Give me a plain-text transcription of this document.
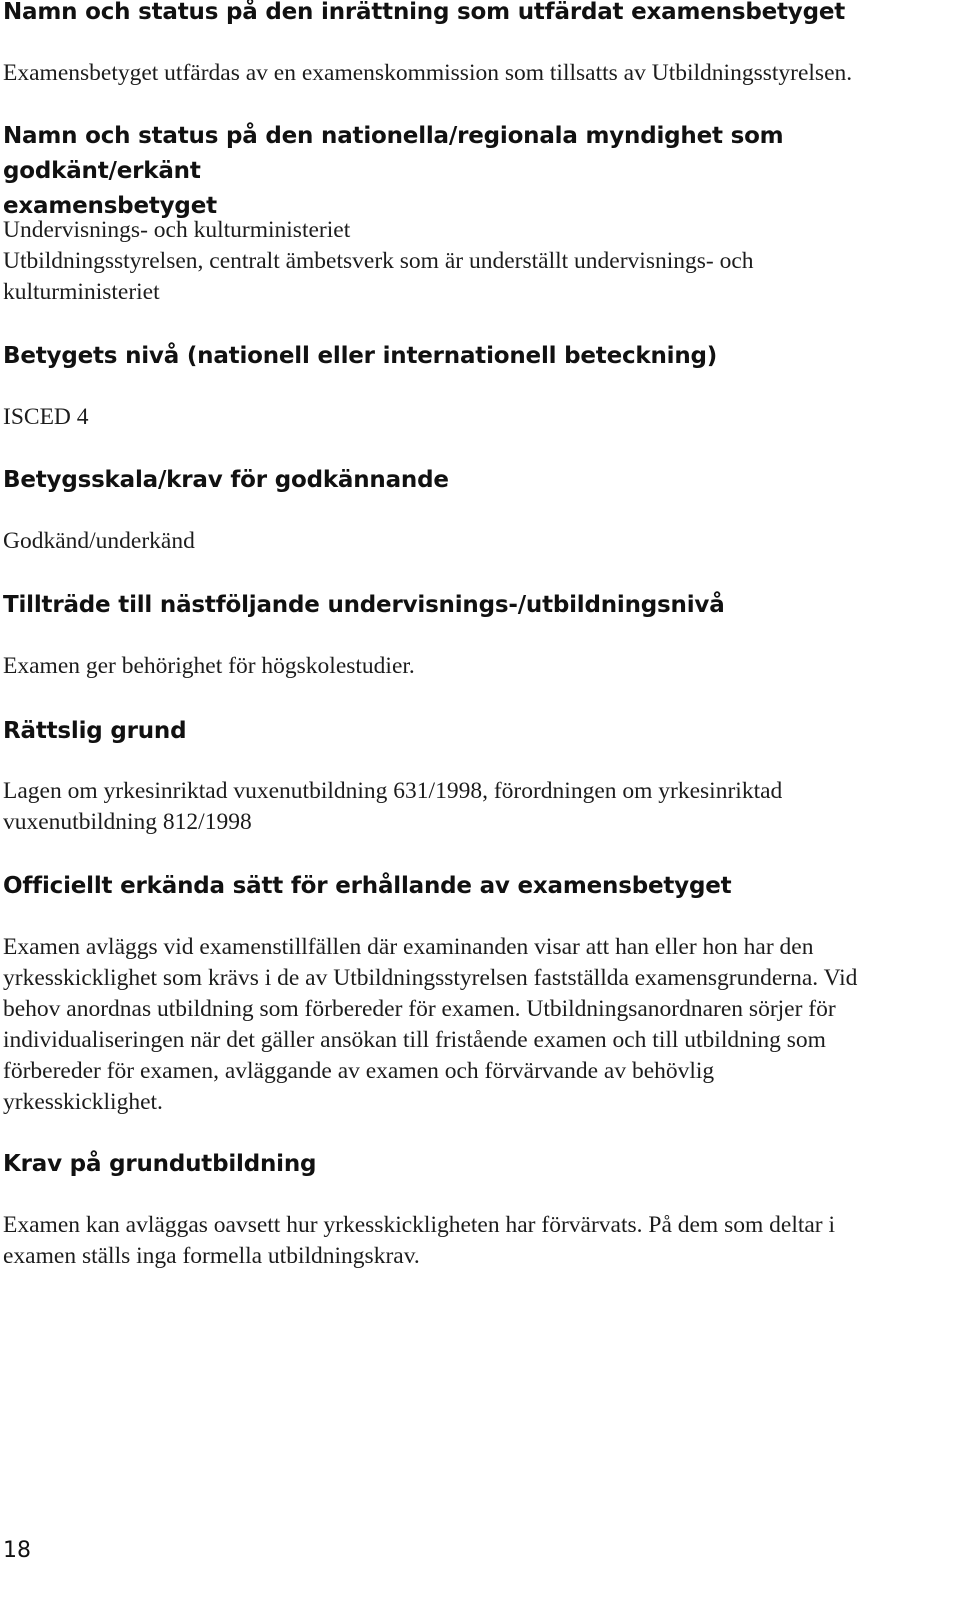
Namn och status på den inrättning som utfärdat examensbetyget

Examensbetyget utfärdas av en examenskommission som tillsatts av Utbildningsstyrelsen.

Namn och status på den nationella/regionala myndighet som godkänt/erkänt
examensbetyget

Undervisnings- och kulturministeriet

Utbildningsstyrelsen, centralt ämbetsverk som är underställt undervisnings- och

kulturministeriet

Betygets nivå (nationell eller internationell beteckning)

ISCED 4

Betygsskala/krav för godkännande

Godkänd/underkänd

Tillträde till nästföljande undervisnings-/utbildningsnivå

Examen ger behörighet för högskolestudier.

Rättslig grund

Lagen om yrkesinriktad vuxenutbildning 631/1998, förordningen om yrkesinriktad

vuxenutbildning 812/1998

Officiellt erkända sätt för erhållande av examensbetyget

Examen avläggs vid examenstillfällen där examinanden visar att han eller hon har den

yrkesskicklighet som krävs i de av Utbildningsstyrelsen fastställda examensgrunderna. Vid

behov anordnas utbildning som förbereder för examen. Utbildningsanordnaren sörjer för

individualiseringen när det gäller ansökan till fristående examen och till utbildning som

förbereder för examen, avläggande av examen och förvärvande av behövlig

yrkesskicklighet.

Krav på grundutbildning

Examen kan avläggas oavsett hur yrkesskickligheten har förvärvats. På dem som deltar i

examen ställs inga formella utbildningskrav.

18
